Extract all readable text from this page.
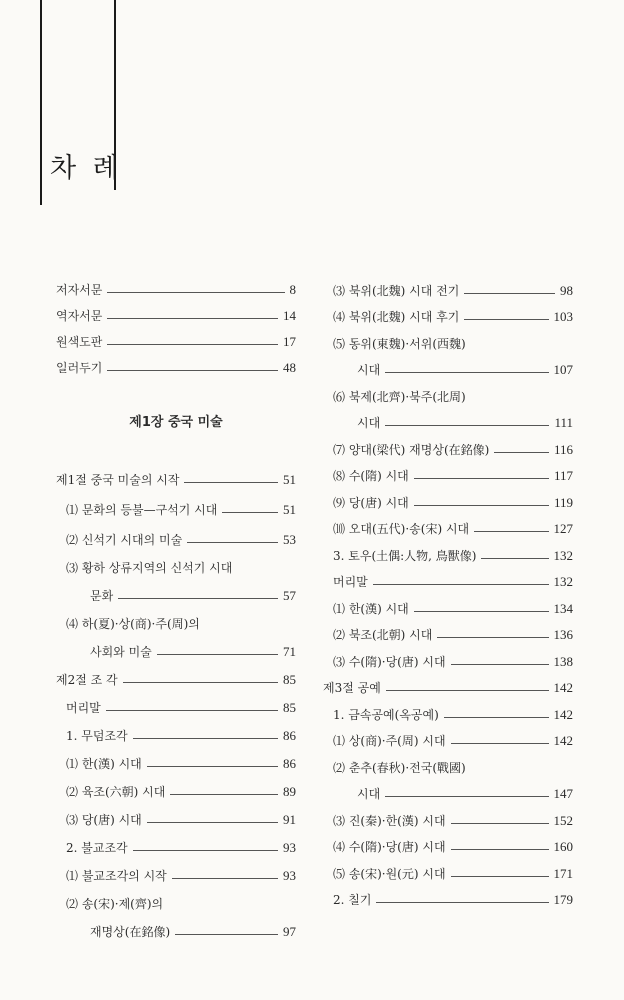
차 례
저자서문	8
역자서문	14
원색도판	17
일러두기	48
제1장 중국 미술
제1절 중국 미술의 시작	51
⑴ 문화의 등불—구석기 시대	51
⑵ 신석기 시대의 미술	53
⑶ 황하 상류지역의 신석기 시대
문화	57
⑷ 하(夏)·상(商)·주(周)의
사회와 미술	71
제2절 조 각	85
머리말	85
1. 무덤조각	86
⑴ 한(漢) 시대	86
⑵ 육조(六朝) 시대	89
⑶ 당(唐) 시대	91
2. 불교조각	93
⑴ 불교조각의 시작	93
⑵ 송(宋)·제(齊)의
재명상(在銘像)	97
⑶ 북위(北魏) 시대 전기	98
⑷ 북위(北魏) 시대 후기	103
⑸ 동위(東魏)·서위(西魏)
시대	107
⑹ 북제(北齊)·북주(北周)
시대	111
⑺ 양대(梁代) 재명상(在銘像)	116
⑻ 수(隋) 시대	117
⑼ 당(唐) 시대	119
⑽ 오대(五代)·송(宋) 시대	127
3. 토우(土偶:人物, 鳥獸像)	132
머리말	132
⑴ 한(漢) 시대	134
⑵ 북조(北朝) 시대	136
⑶ 수(隋)·당(唐) 시대	138
제3절 공예	142
1. 금속공예(옥공예)	142
⑴ 상(商)·주(周) 시대	142
⑵ 춘추(春秋)·전국(戰國)
시대	147
⑶ 진(秦)·한(漢) 시대	152
⑷ 수(隋)·당(唐) 시대	160
⑸ 송(宋)·원(元) 시대	171
2. 칠기	179
